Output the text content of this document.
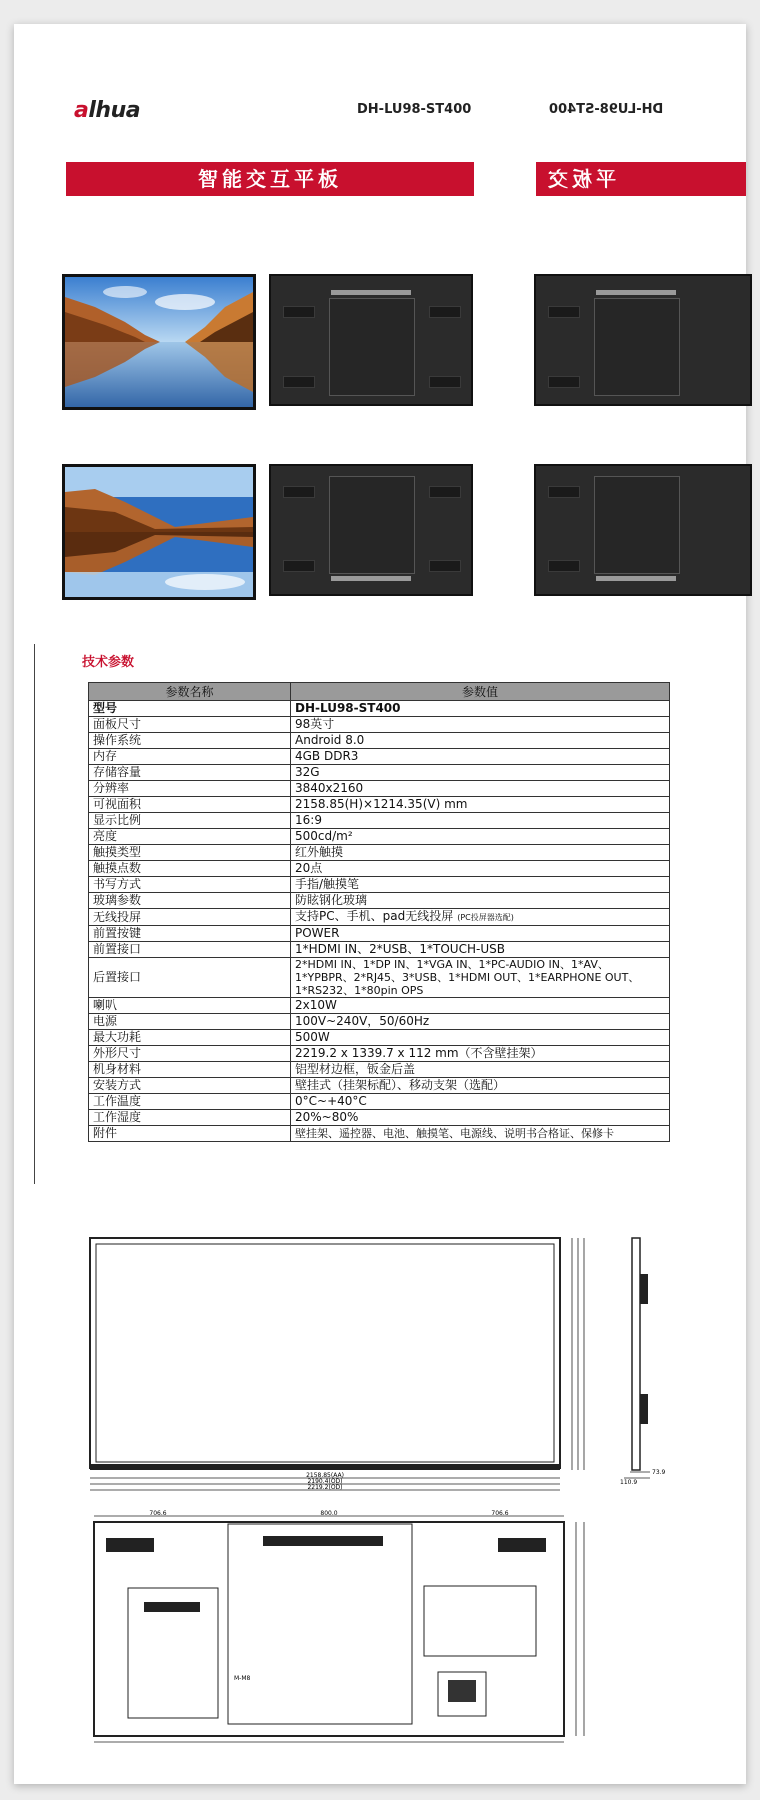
alhua	DH-LU98-ST400	DH-LU98-ST400
智能交互平板	平板交互
技术参数
参数名称	参数值
型号	DH-LU98-ST400
面板尺寸	98英寸
操作系统	Android 8.0
内存	4GB DDR3
存储容量	32G
分辨率	3840x2160
可视面积	2158.85(H)×1214.35(V) mm
显示比例	16:9
亮度	500cd/m²
触摸类型	红外触摸
触摸点数	20点
书写方式	手指/触摸笔
玻璃参数	防眩钢化玻璃
无线投屏	支持PC、手机、pad无线投屏 (PC投屏器选配)
前置按键	POWER
前置接口	1*HDMI IN、2*USB、1*TOUCH-USB
后置接口	2*HDMI IN、1*DP IN、1*VGA IN、1*PC-AUDIO IN、1*AV、1*YPBPR、2*RJ45、3*USB、1*HDMI OUT、1*EARPHONE OUT、1*RS232、1*80pin OPS
喇叭	2x10W
电源	100V~240V，50/60Hz
最大功耗	500W
外形尺寸	2219.2 x 1339.7 x 112 mm（不含壁挂架）
机身材料	铝型材边框，钣金后盖
安装方式	壁挂式（挂架标配）、移动支架（选配）
工作温度	0°C~+40°C
工作湿度	20%~80%
附件	壁挂架、遥控器、电池、触摸笔、电源线、说明书合格证、保修卡
2158.85(AA)
2190.4(OD)
2219.2(OD)
73.9
110.9
706.6	800.0	706.6
M-M8
